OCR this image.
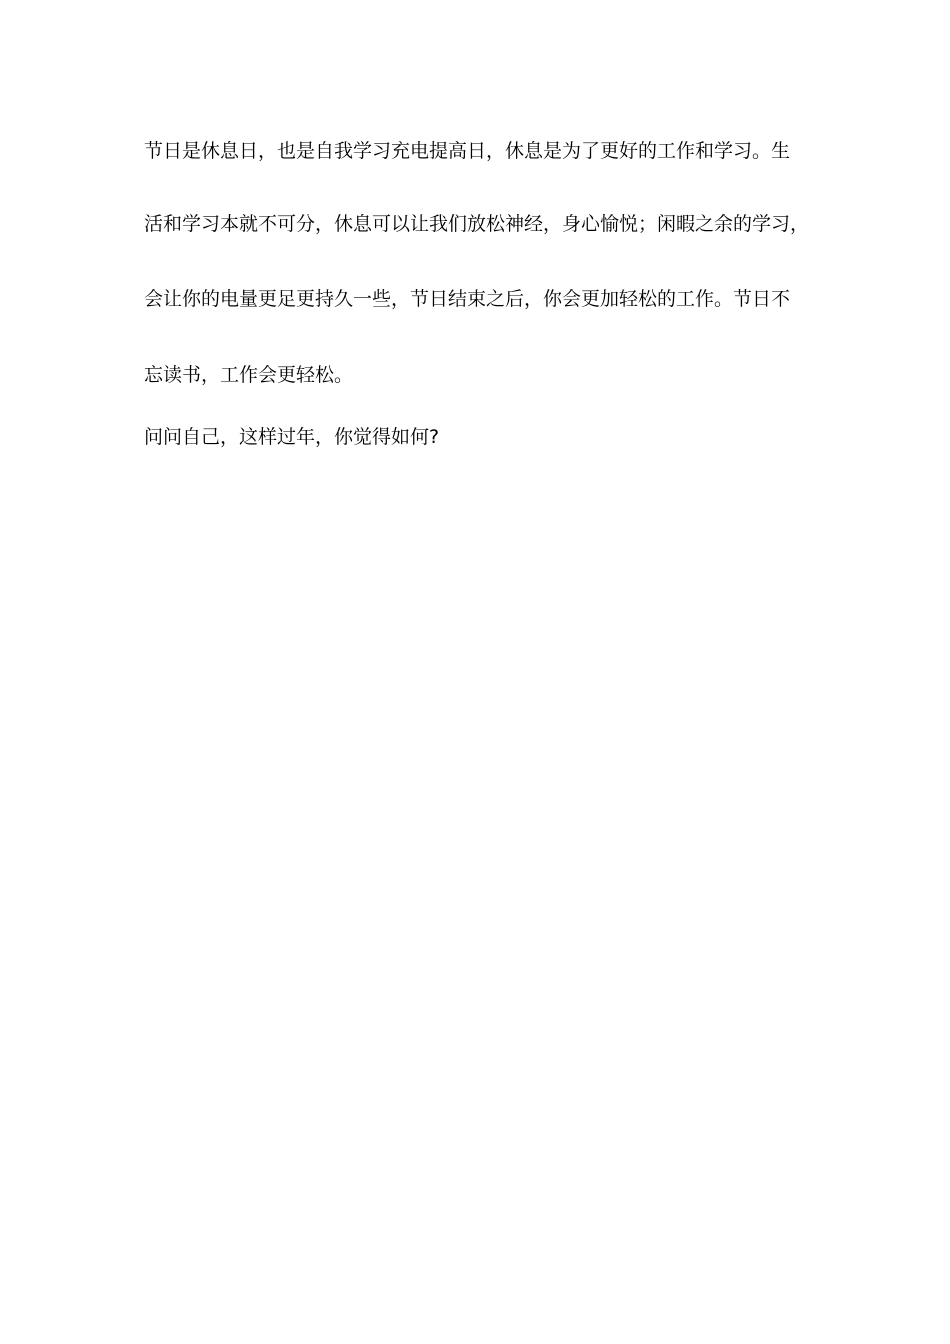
节日是休息日，也是自我学习充电提高日，休息是为了更好的工作和学习。生
活和学习本就不可分，休息可以让我们放松神经，身心愉悦；闲暇之余的学习，
会让你的电量更足更持久一些，节日结束之后，你会更加轻松的工作。节日不
忘读书，工作会更轻松。
问问自己，这样过年，你觉得如何?
